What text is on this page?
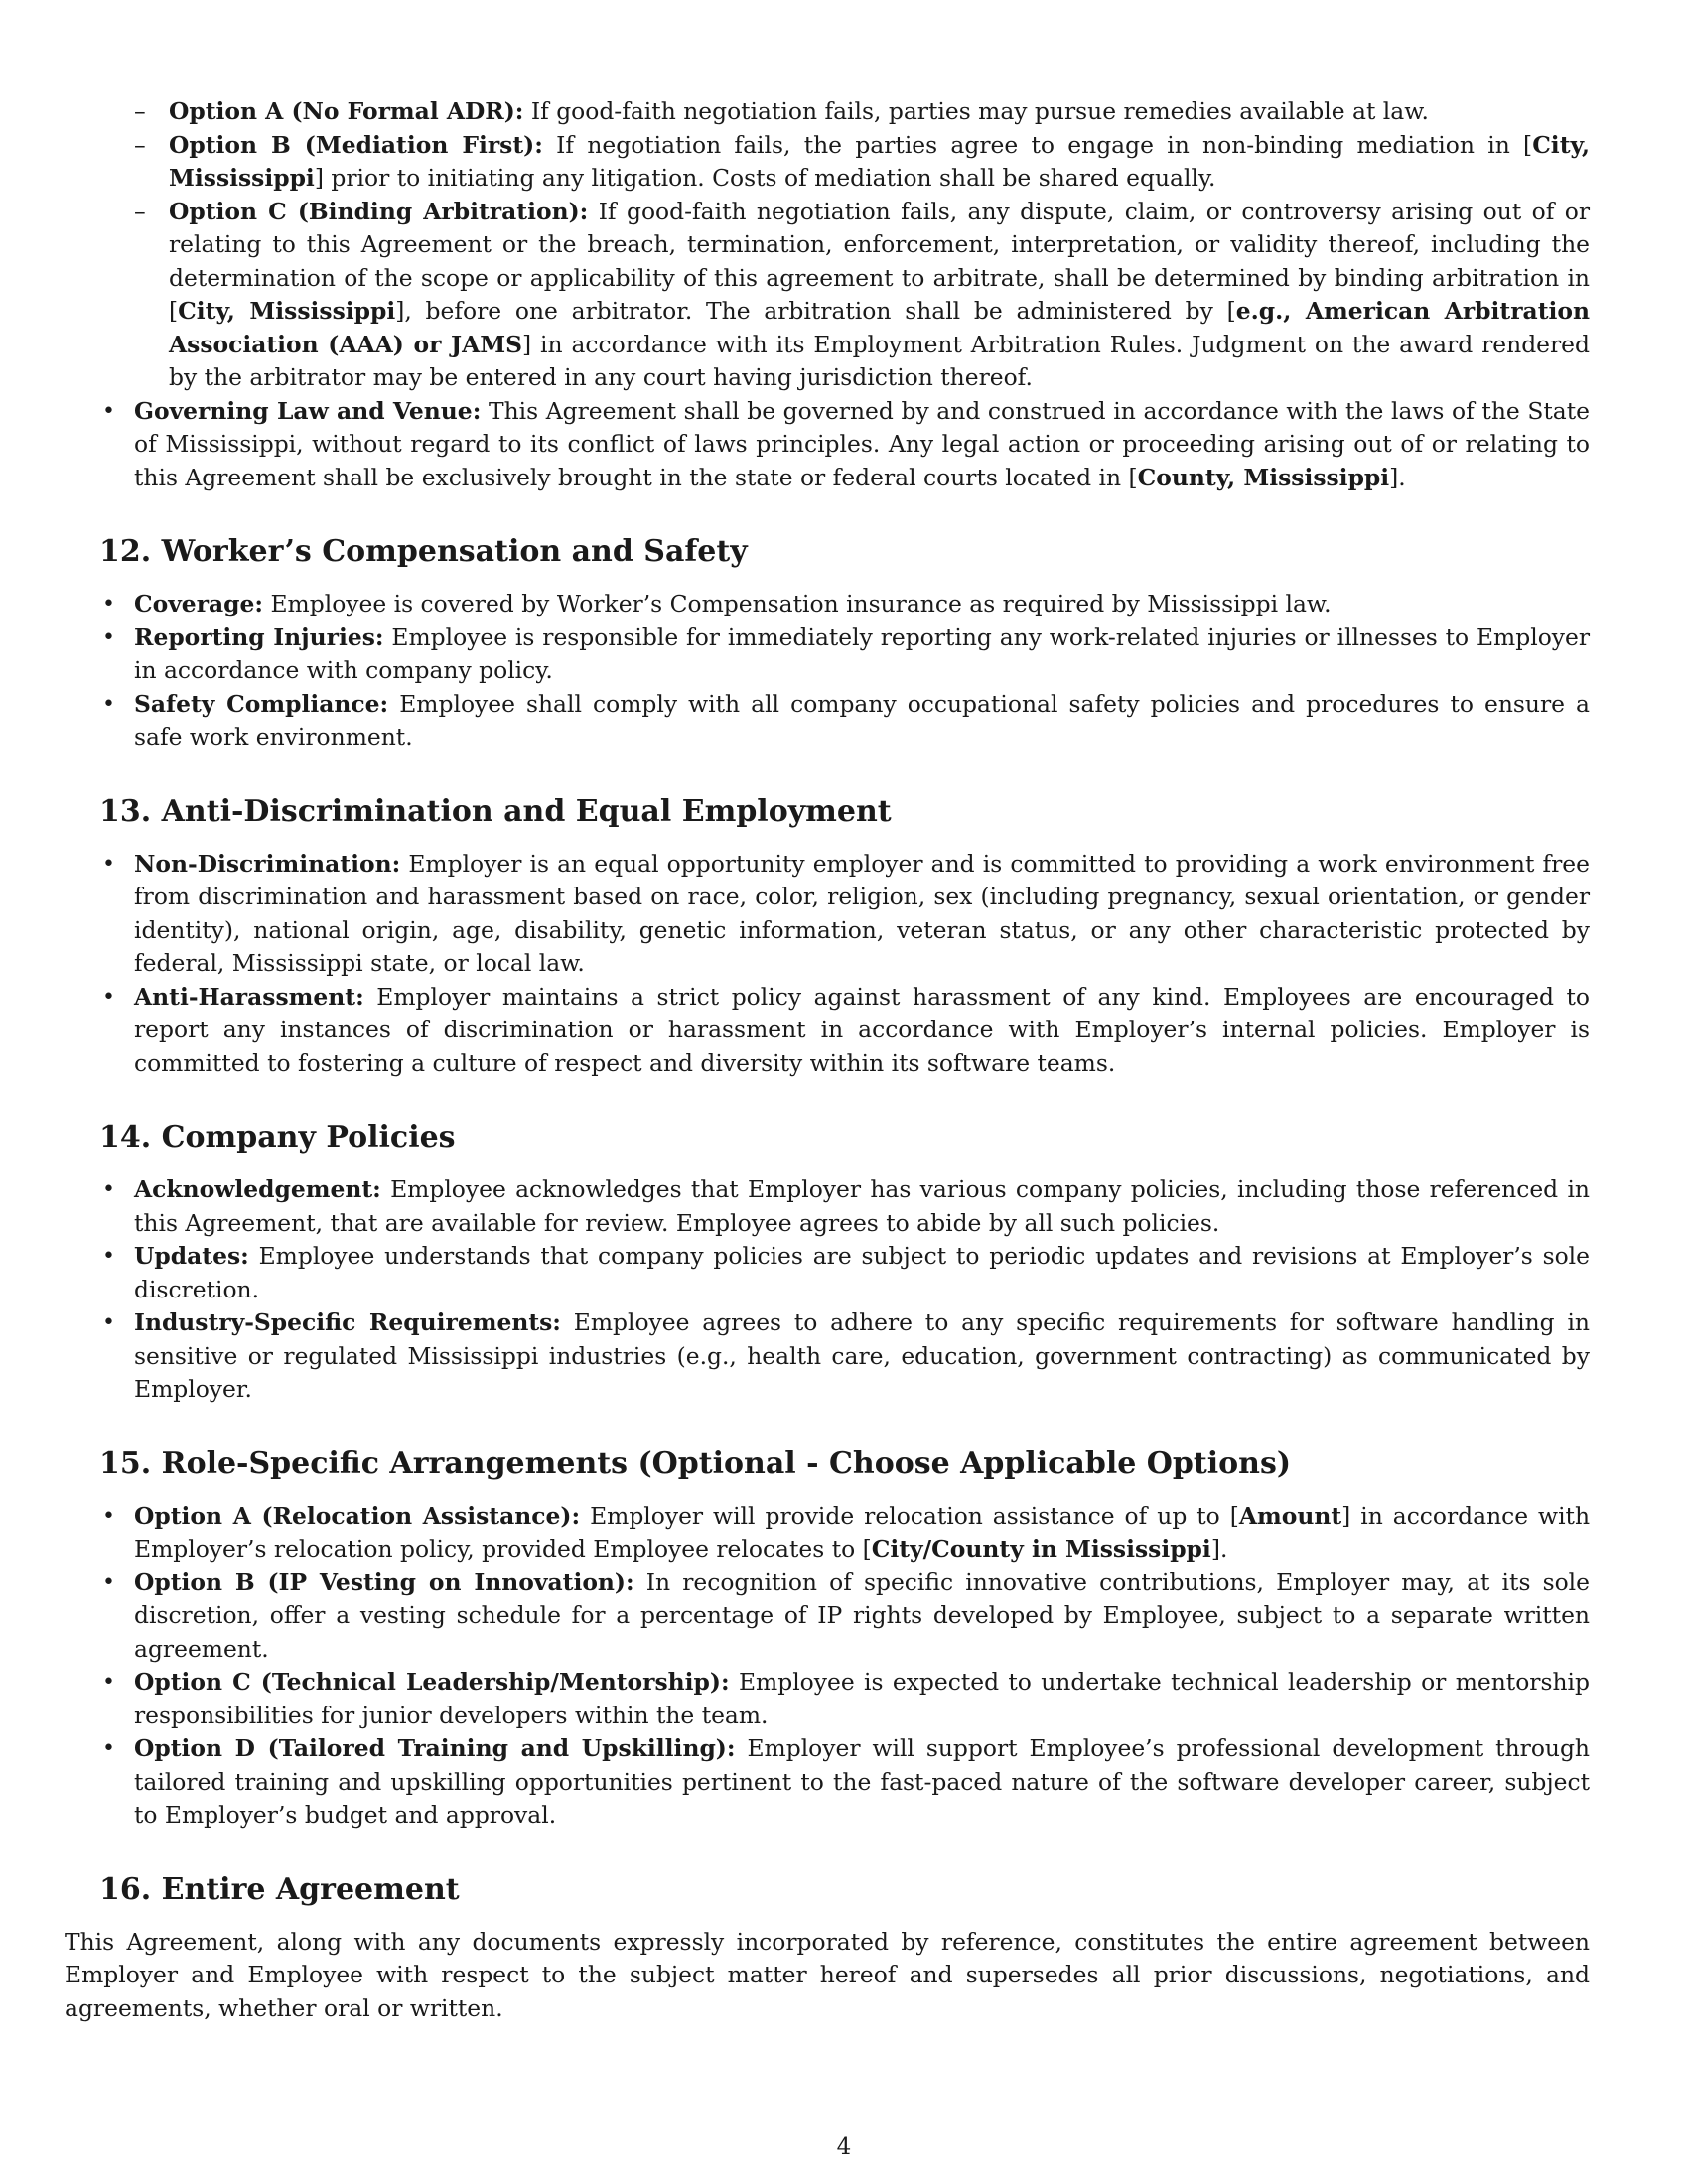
– Option A (No Formal ADR): If good-faith negotiation fails, parties may pursue remedies available at law.
– Option B (Mediation First): If negotiation fails, the parties agree to engage in non-binding mediation in [City, Mississippi] prior to initiating any litigation. Costs of mediation shall be shared equally.
– Option C (Binding Arbitration): If good-faith negotiation fails, any dispute, claim, or controversy arising out of or relating to this Agreement or the breach, termination, enforcement, interpretation, or validity thereof, including the determination of the scope or applicability of this agreement to arbitrate, shall be determined by binding arbitration in [City, Mississippi], before one arbitrator. The arbitration shall be administered by [e.g., American Arbitration Association (AAA) or JAMS] in accordance with its Employment Arbitration Rules. Judgment on the award rendered by the arbitrator may be entered in any court having jurisdiction thereof.
• Governing Law and Venue: This Agreement shall be governed by and construed in accordance with the laws of the State of Mississippi, without regard to its conflict of laws principles. Any legal action or proceeding arising out of or relating to this Agreement shall be exclusively brought in the state or federal courts located in [County, Mississippi].
12. Worker’s Compensation and Safety
• Coverage: Employee is covered by Worker’s Compensation insurance as required by Mississippi law.
• Reporting Injuries: Employee is responsible for immediately reporting any work-related injuries or illnesses to Employer in accordance with company policy.
• Safety Compliance: Employee shall comply with all company occupational safety policies and procedures to ensure a safe work environment.
13. Anti-Discrimination and Equal Employment
• Non-Discrimination: Employer is an equal opportunity employer and is committed to providing a work environment free from discrimination and harassment based on race, color, religion, sex (including pregnancy, sexual orientation, or gender identity), national origin, age, disability, genetic information, veteran status, or any other characteristic protected by federal, Mississippi state, or local law.
• Anti-Harassment: Employer maintains a strict policy against harassment of any kind. Employees are encouraged to report any instances of discrimination or harassment in accordance with Employer’s internal policies. Employer is committed to fostering a culture of respect and diversity within its software teams.
14. Company Policies
• Acknowledgement: Employee acknowledges that Employer has various company policies, including those referenced in this Agreement, that are available for review. Employee agrees to abide by all such policies.
• Updates: Employee understands that company policies are subject to periodic updates and revisions at Employer’s sole discretion.
• Industry-Specific Requirements: Employee agrees to adhere to any specific requirements for software handling in sensitive or regulated Mississippi industries (e.g., health care, education, government contracting) as communicated by Employer.
15. Role-Specific Arrangements (Optional - Choose Applicable Options)
• Option A (Relocation Assistance): Employer will provide relocation assistance of up to [Amount] in accordance with Employer’s relocation policy, provided Employee relocates to [City/County in Mississippi].
• Option B (IP Vesting on Innovation): In recognition of specific innovative contributions, Employer may, at its sole discretion, offer a vesting schedule for a percentage of IP rights developed by Employee, subject to a separate written agreement.
• Option C (Technical Leadership/Mentorship): Employee is expected to undertake technical leadership or mentorship responsibilities for junior developers within the team.
• Option D (Tailored Training and Upskilling): Employer will support Employee’s professional development through tailored training and upskilling opportunities pertinent to the fast-paced nature of the software developer career, subject to Employer’s budget and approval.
16. Entire Agreement

This Agreement, along with any documents expressly incorporated by reference, constitutes the entire agreement between Employer and Employee with respect to the subject matter hereof and supersedes all prior discussions, negotiations, and agreements, whether oral or written.

4
